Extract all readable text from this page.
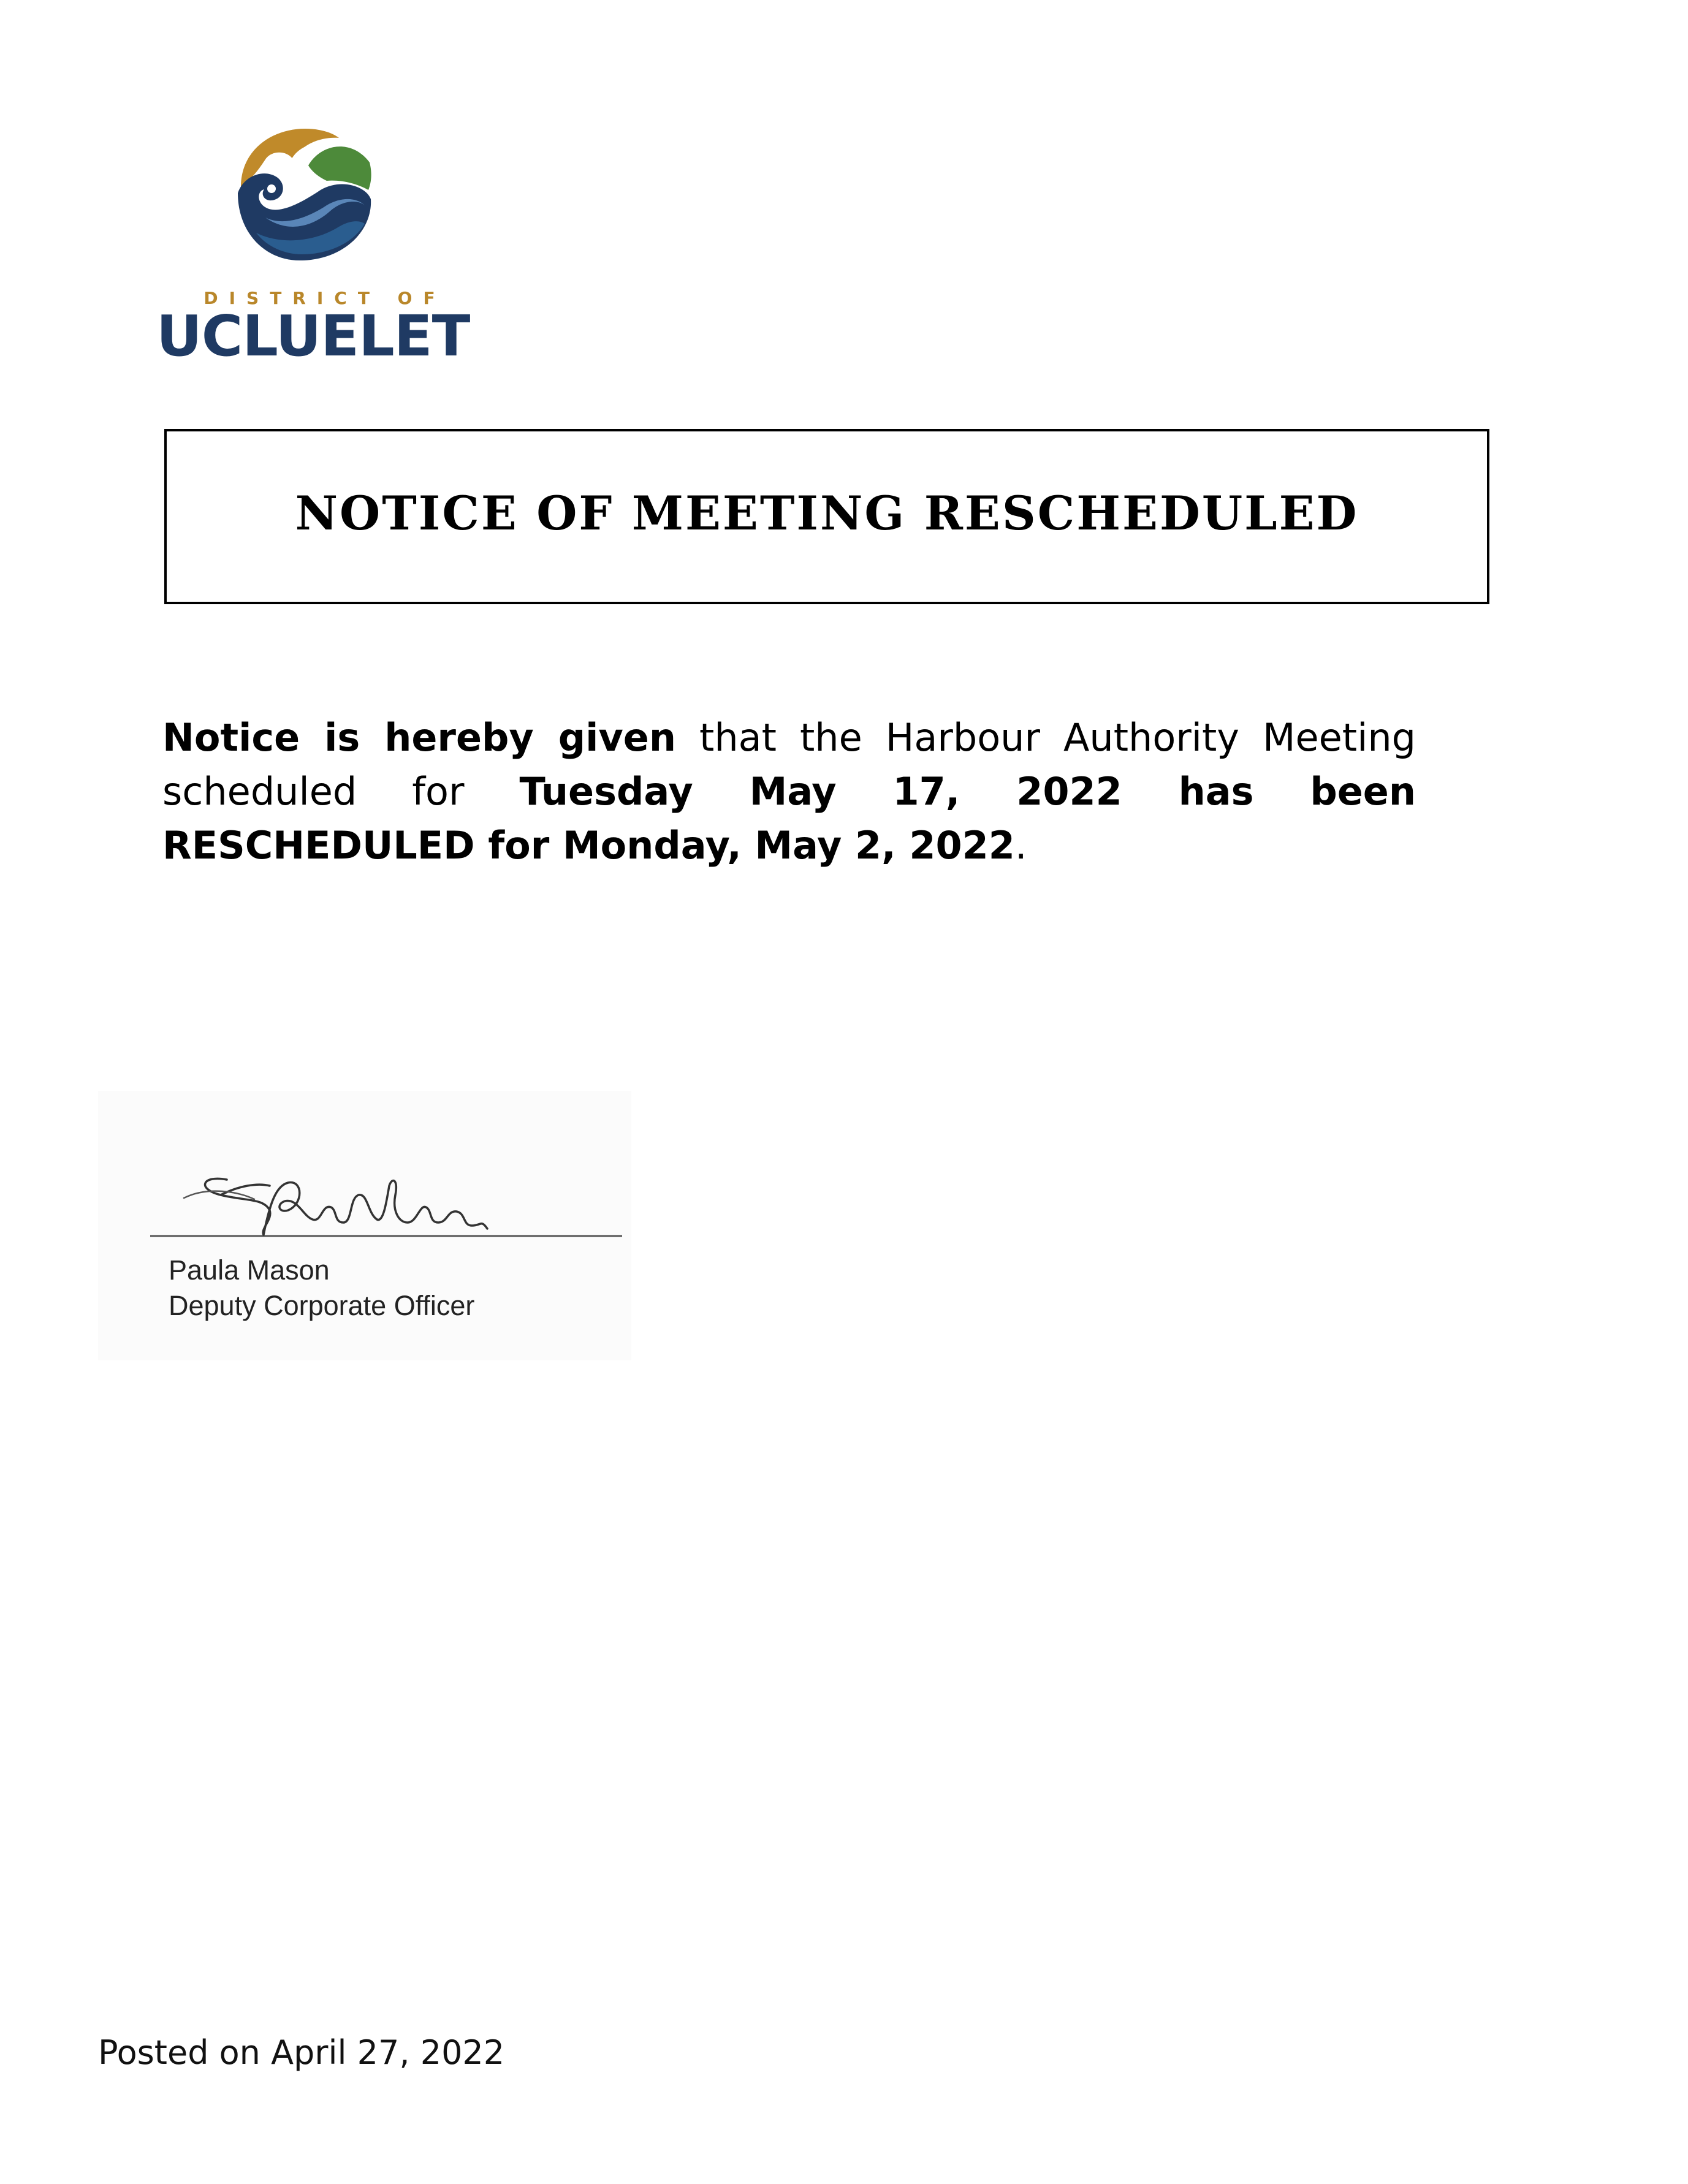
DISTRICT OF
UCLUELET
NOTICE OF MEETING RESCHEDULED
Notice is hereby given that the Harbour Authority Meeting scheduled for Tuesday May 17, 2022 has been RESCHEDULED for Monday, May 2, 2022.
Paula Mason
Deputy Corporate Officer
Posted on April 27, 2022
